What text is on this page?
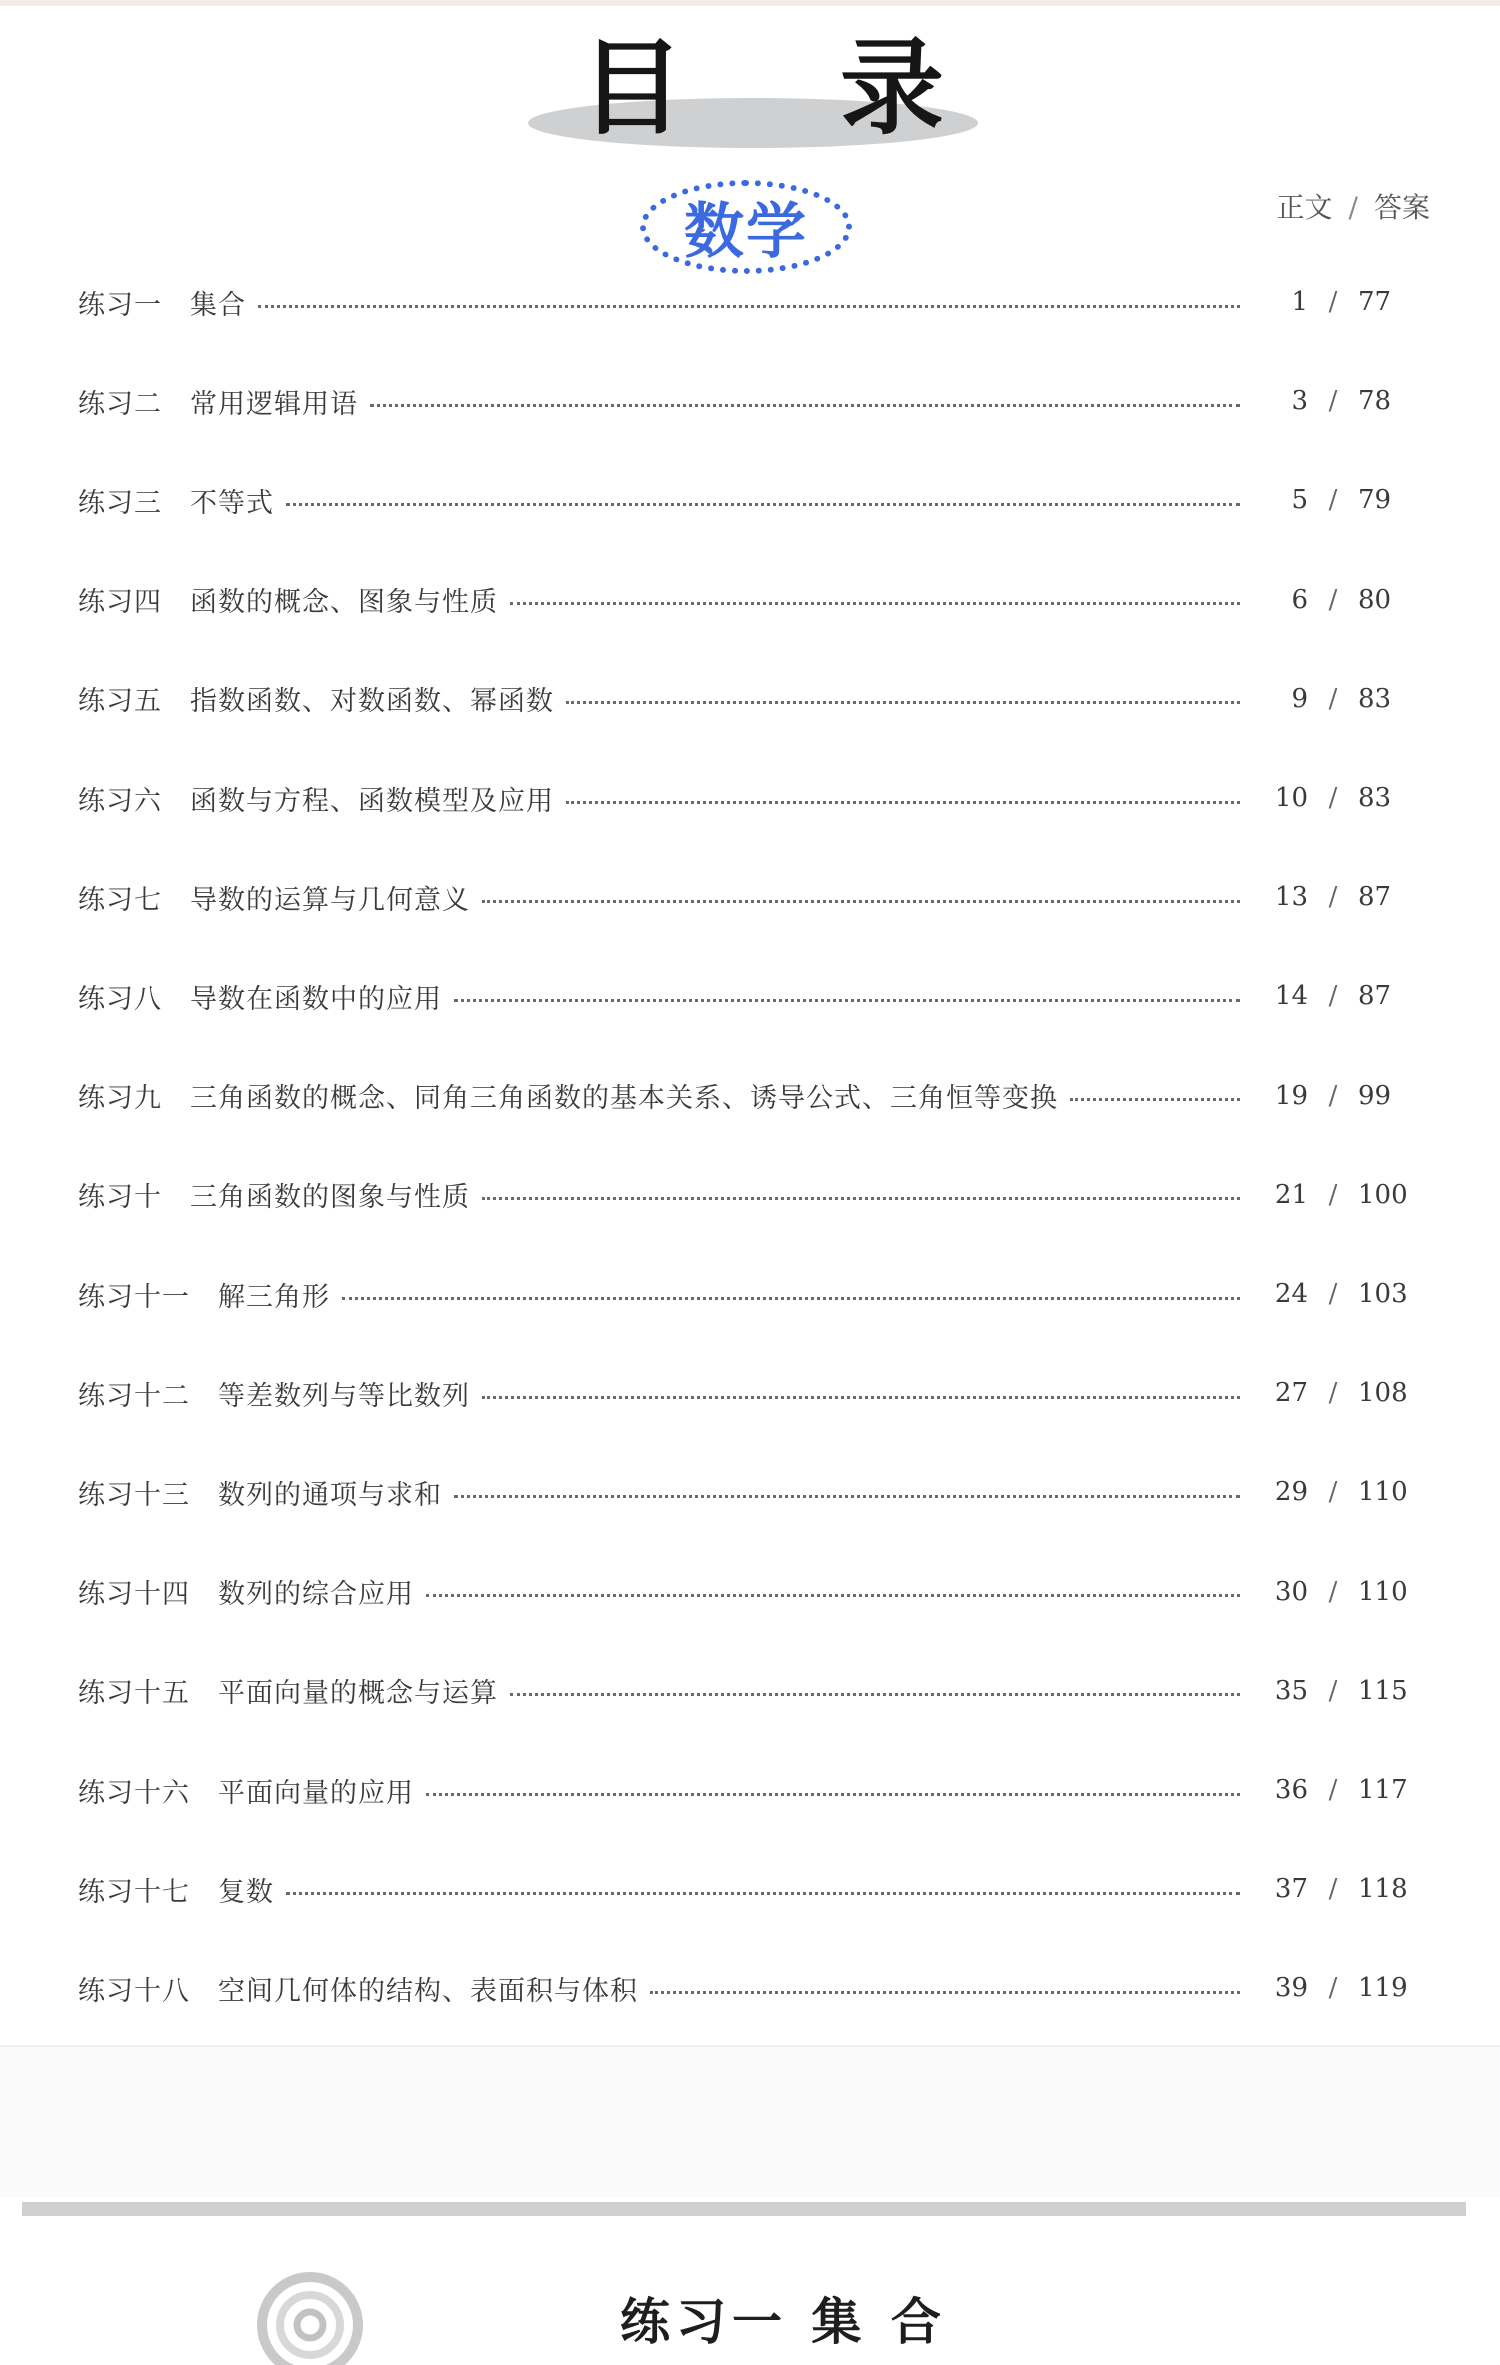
目 录
数学	正文 / 答案
练习一 集合	1 / 77
练习二 常用逻辑用语	3 / 78
练习三 不等式	5 / 79
练习四 函数的概念、图象与性质	6 / 80
练习五 指数函数、对数函数、幂函数	9 / 83
练习六 函数与方程、函数模型及应用	10 / 83
练习七 导数的运算与几何意义	13 / 87
练习八 导数在函数中的应用	14 / 87
练习九 三角函数的概念、同角三角函数的基本关系、诱导公式、三角恒等变换	19 / 99
练习十 三角函数的图象与性质	21 / 100
练习十一 解三角形	24 / 103
练习十二 等差数列与等比数列	27 / 108
练习十三 数列的通项与求和	29 / 110
练习十四 数列的综合应用	30 / 110
练习十五 平面向量的概念与运算	35 / 115
练习十六 平面向量的应用	36 / 117
练习十七 复数	37 / 118
练习十八 空间几何体的结构、表面积与体积	39 / 119
练习一 集 合
